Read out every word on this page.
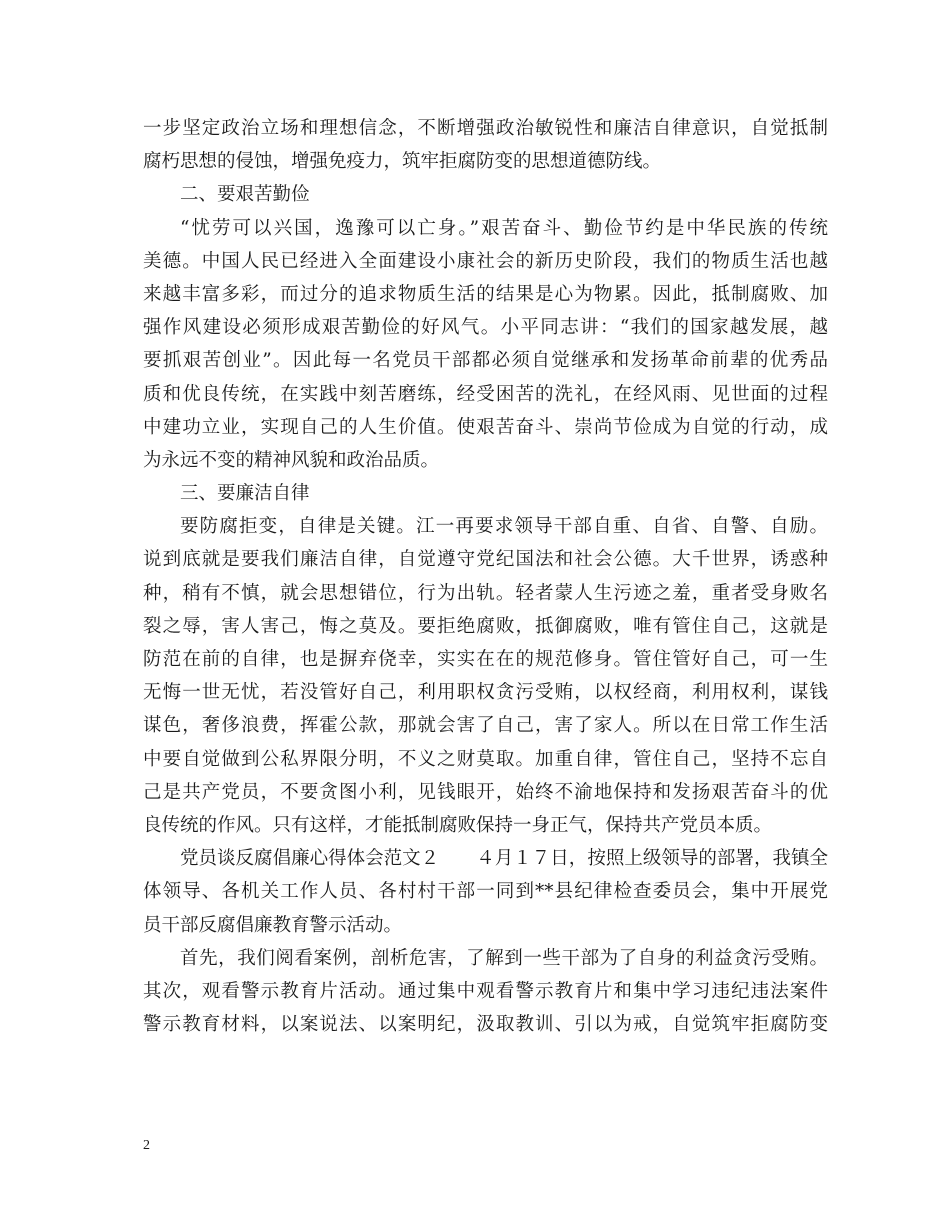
一步坚定政治立场和理想信念，不断增强政治敏锐性和廉洁自律意识，自觉抵制
腐朽思想的侵蚀，增强免疫力，筑牢拒腐防变的思想道德防线。
二、要艰苦勤俭
“忧劳可以兴国，逸豫可以亡身。”艰苦奋斗、勤俭节约是中华民族的传统
美德。中国人民已经进入全面建设小康社会的新历史阶段，我们的物质生活也越
来越丰富多彩，而过分的追求物质生活的结果是心为物累。因此，抵制腐败、加
强作风建设必须形成艰苦勤俭的好风气。小平同志讲：“我们的国家越发展，越
要抓艰苦创业”。因此每一名党员干部都必须自觉继承和发扬革命前辈的优秀品
质和优良传统，在实践中刻苦磨练，经受困苦的洗礼，在经风雨、见世面的过程
中建功立业，实现自己的人生价值。使艰苦奋斗、崇尚节俭成为自觉的行动，成
为永远不变的精神风貌和政治品质。
三、要廉洁自律
要防腐拒变，自律是关键。江一再要求领导干部自重、自省、自警、自励。
说到底就是要我们廉洁自律，自觉遵守党纪国法和社会公德。大千世界，诱惑种
种，稍有不慎，就会思想错位，行为出轨。轻者蒙人生污迹之羞，重者受身败名
裂之辱，害人害己，悔之莫及。要拒绝腐败，抵御腐败，唯有管住自己，这就是
防范在前的自律，也是摒弃侥幸，实实在在的规范修身。管住管好自己，可一生
无悔一世无忧，若没管好自己，利用职权贪污受贿，以权经商，利用权利，谋钱
谋色，奢侈浪费，挥霍公款，那就会害了自己，害了家人。所以在日常工作生活
中要自觉做到公私界限分明，不义之财莫取。加重自律，管住自己，坚持不忘自
己是共产党员，不要贪图小利，见钱眼开，始终不渝地保持和发扬艰苦奋斗的优
良传统的作风。只有这样，才能抵制腐败保持一身正气，保持共产党员本质。
党员谈反腐倡廉心得体会范文２　　４月１７日，按照上级领导的部署，我镇全
体领导、各机关工作人员、各村村干部一同到**县纪律检查委员会，集中开展党
员干部反腐倡廉教育警示活动。
首先，我们阅看案例，剖析危害，了解到一些干部为了自身的利益贪污受贿。
其次，观看警示教育片活动。通过集中观看警示教育片和集中学习违纪违法案件
警示教育材料，以案说法、以案明纪，汲取教训、引以为戒，自觉筑牢拒腐防变
2
